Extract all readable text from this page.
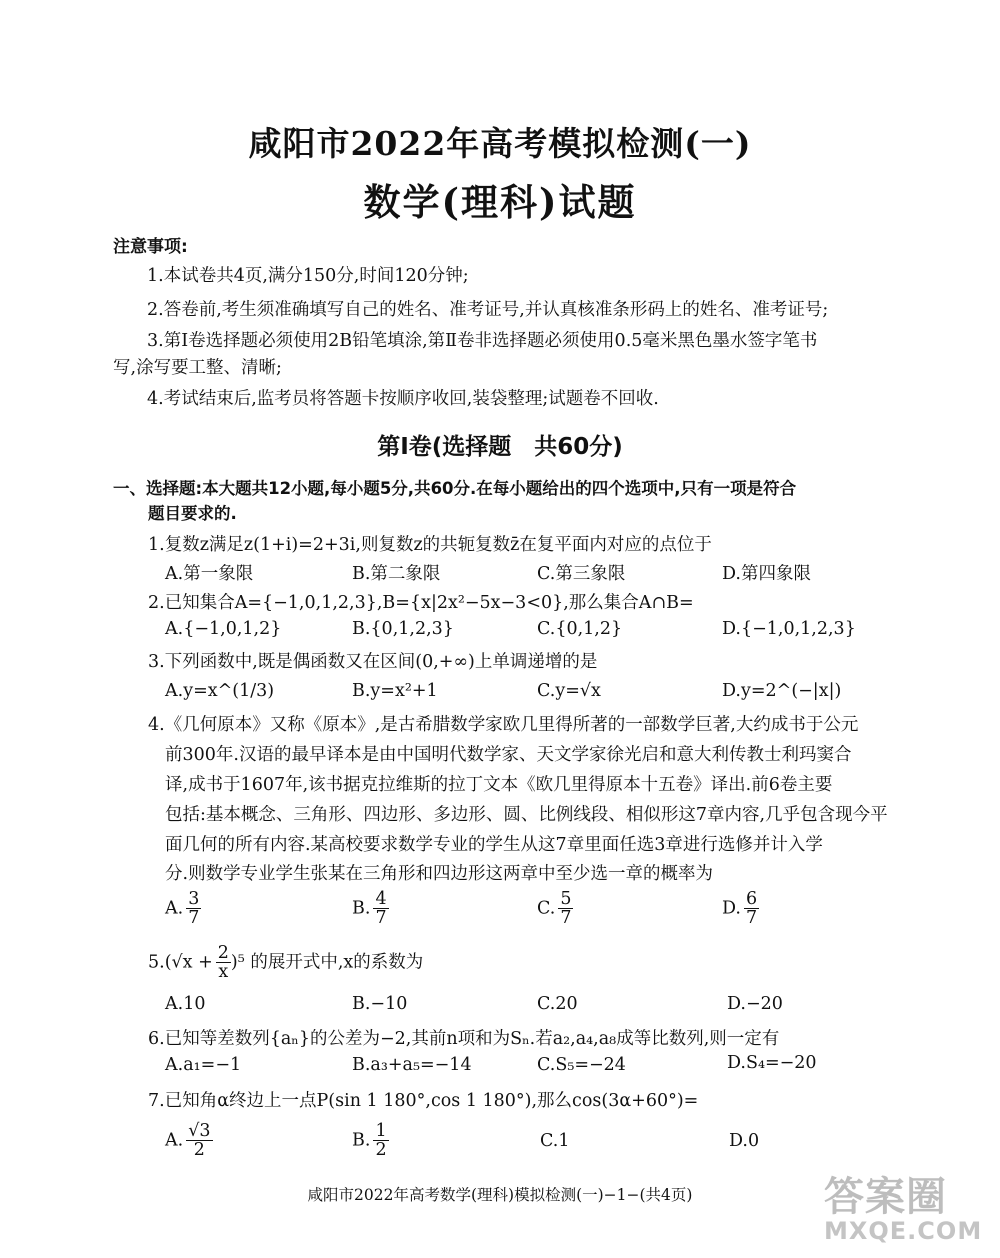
咸阳市2022年高考模拟检测(一)
数学(理科)试题
注意事项:
1.本试卷共4页,满分150分,时间120分钟;
2.答卷前,考生须准确填写自己的姓名、准考证号,并认真核准条形码上的姓名、准考证号;
3.第Ⅰ卷选择题必须使用2B铅笔填涂,第Ⅱ卷非选择题必须使用0.5毫米黑色墨水签字笔书
写,涂写要工整、清晰;
4.考试结束后,监考员将答题卡按顺序收回,装袋整理;试题卷不回收.
第Ⅰ卷(选择题　共60分)
一、选择题:本大题共12小题,每小题5分,共60分.在每小题给出的四个选项中,只有一项是符合
题目要求的.
1.复数z满足z(1+i)=2+3i,则复数z的共轭复数z̄在复平面内对应的点位于
A.第一象限	B.第二象限	C.第三象限	D.第四象限
2.已知集合A={−1,0,1,2,3},B={x|2x²−5x−3<0},那么集合A∩B=
A.{−1,0,1,2}	B.{0,1,2,3}	C.{0,1,2}	D.{−1,0,1,2,3}
3.下列函数中,既是偶函数又在区间(0,+∞)上单调递增的是
A.y=x^(1/3)	B.y=x²+1	C.y=√x	D.y=2^(−|x|)
4.《几何原本》又称《原本》,是古希腊数学家欧几里得所著的一部数学巨著,大约成书于公元
前300年.汉语的最早译本是由中国明代数学家、天文学家徐光启和意大利传教士利玛窦合
译,成书于1607年,该书据克拉维斯的拉丁文本《欧几里得原本十五卷》译出.前6卷主要
包括:基本概念、三角形、四边形、多边形、圆、比例线段、相似形这7章内容,几乎包含现今平
面几何的所有内容.某高校要求数学专业的学生从这7章里面任选3章进行选修并计入学
分.则数学专业学生张某在三角形和四边形这两章中至少选一章的概率为
A. $\frac{3}{7}$	B. $\frac{4}{7}$	C. $\frac{5}{7}$	D. $\frac{6}{7}$
$5.(√x + \frac{2}{x} )^5$ 的展开式中,x的系数为
A.10	B.−10	C.20	D.−20
6.已知等差数列{aₙ}的公差为−2,其前n项和为Sₙ.若a₂,a₄,a₈成等比数列,则一定有
A.a₁=−1	B.a₃+a₅=−14	C.S₅=−24	D.S₄=−20
7.已知角α终边上一点P(sin 1 180°,cos 1 180°),那么cos(3α+60°)=
A. $\frac{√3}{2}$	B. $\frac{1}{2}$	C.1	D.0
咸阳市2022年高考数学(理科)模拟检测(一)−1−(共4页)	答案圈
MXQE.COM
